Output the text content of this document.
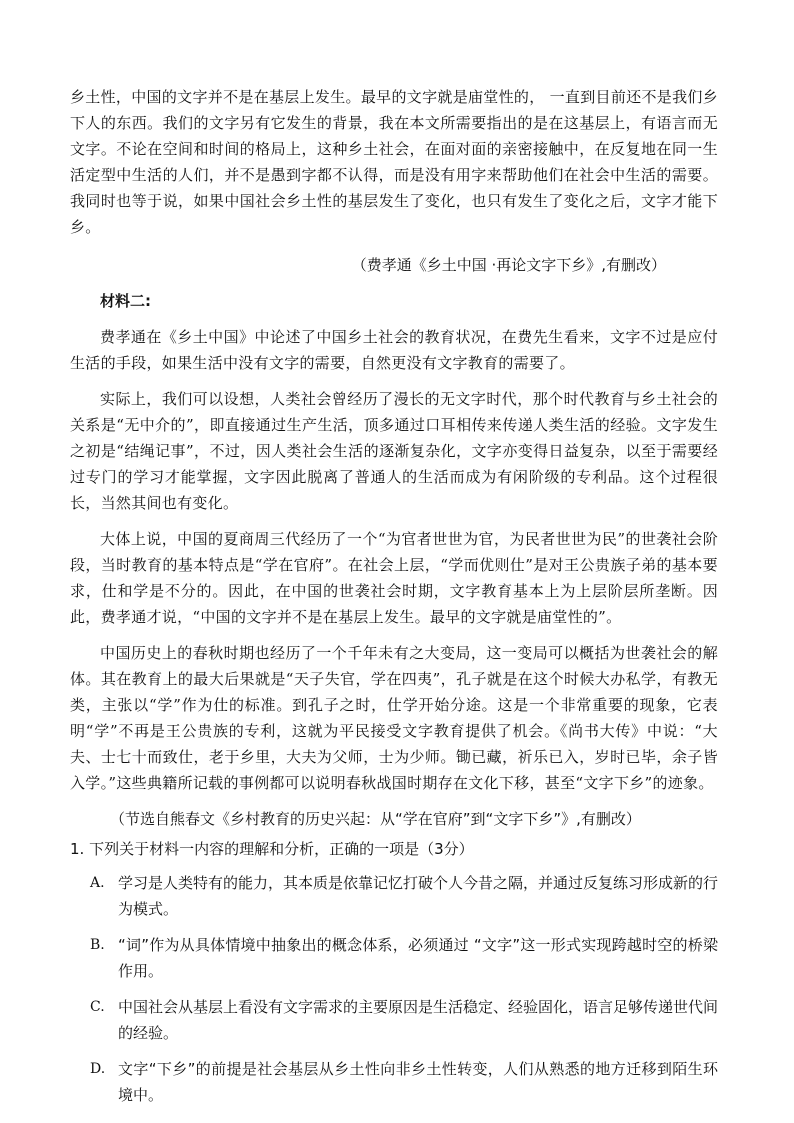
乡土性，中国的文字并不是在基层上发生。最早的文字就是庙堂性的， 一直到目前还不是我们乡下人的东西。我们的文字另有它发生的背景，我在本文所需要指出的是在这基层上，有语言而无文字。不论在空间和时间的格局上，这种乡土社会，在面对面的亲密接触中，在反复地在同一生活定型中生活的人们，并不是愚到字都不认得，而是没有用字来帮助他们在社会中生活的需要。我同时也等于说，如果中国社会乡土性的基层发生了变化，也只有发生了变化之后，文字才能下乡。

（费孝通《乡土中国 ·再论文字下乡》,有删改）
材料二:

费孝通在《乡土中国》中论述了中国乡土社会的教育状况，在费先生看来，文字不过是应付生活的手段，如果生活中没有文字的需要，自然更没有文字教育的需要了。

实际上，我们可以设想，人类社会曾经历了漫长的无文字时代，那个时代教育与乡土社会的关系是“无中介的”，即直接通过生产生活，顶多通过口耳相传来传递人类生活的经验。文字发生之初是“结绳记事”，不过，因人类社会生活的逐渐复杂化，文字亦变得日益复杂，以至于需要经过专门的学习才能掌握，文字因此脱离了普通人的生活而成为有闲阶级的专利品。这个过程很长，当然其间也有变化。

大体上说，中国的夏商周三代经历了一个“为官者世世为官，为民者世世为民”的世袭社会阶段，当时教育的基本特点是“学在官府”。在社会上层，“学而优则仕”是对王公贵族子弟的基本要求，仕和学是不分的。因此，在中国的世袭社会时期，文字教育基本上为上层阶层所垄断。因此，费孝通才说，“中国的文字并不是在基层上发生。最早的文字就是庙堂性的”。

中国历史上的春秋时期也经历了一个千年未有之大变局，这一变局可以概括为世袭社会的解体。其在教育上的最大后果就是“天子失官，学在四夷”，孔子就是在这个时候大办私学，有教无类，主张以“学”作为仕的标准。到孔子之时，仕学开始分途。这是一个非常重要的现象，它表明“学”不再是王公贵族的专利，这就为平民接受文字教育提供了机会。《尚书大传》中说：“大夫、士七十而致仕，老于乡里，大夫为父师，士为少师。锄已藏，祈乐已入，岁时已毕，余子皆入学。”这些典籍所记载的事例都可以说明春秋战国时期存在文化下移，甚至“文字下乡”的迹象。

（节选自熊春文《乡村教育的历史兴起：从“学在官府”到“文字下乡”》,有删改）
1. 下列关于材料一内容的理解和分析，正确的一项是（3分）
A. 学习是人类特有的能力，其本质是依靠记忆打破个人今昔之隔，并通过反复练习形成新的行为模式。
B. “词”作为从具体情境中抽象出的概念体系，必须通过 “文字”这一形式实现跨越时空的桥梁作用。
C. 中国社会从基层上看没有文字需求的主要原因是生活稳定、经验固化，语言足够传递世代间的经验。
D. 文字“下乡”的前提是社会基层从乡土性向非乡土性转变，人们从熟悉的地方迁移到陌生环境中。
